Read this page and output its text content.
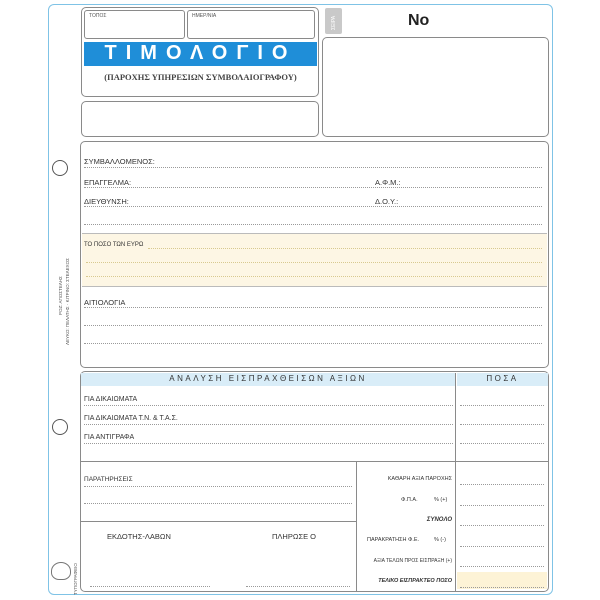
ΡΟΖ: ΑΠΟΣΤΕΛΗΣ ΛΕΥΚΟ: ΠΕΛΑΤΗΣ · ΚΙΤΡΙΝΟ: ΣΤΕΛΕΧΟΣ
ΤΥΠΟΓΡΑΦΕΙΟ
ΤΟΠΟΣ	ΗΜΕΡ/ΝΙΑ
ΤΙΜΟΛΟΓΙΟ
(ΠΑΡΟΧΗΣ ΥΠΗΡΕΣΙΩΝ ΣΥΜΒΟΛΑΙΟΓΡΑΦΟΥ)
ΣΕΙΡΑ	No
ΣΥΜΒΑΛΛΟΜΕΝΟΣ:
ΕΠΑΓΓΕΛΜΑ:	Α.Φ.Μ.:
ΔΙΕΥΘΥΝΣΗ:	Δ.Ο.Υ.:
ΤΟ ΠΟΣΟ ΤΩΝ ΕΥΡΩ
ΑΙΤΙΟΛΟΓΙΑ
ΑΝΑΛΥΣΗ ΕΙΣΠΡΑΧΘΕΙΣΩΝ ΑΞΙΩΝ	ΠΟΣΑ
ΓΙΑ ΔΙΚΑΙΩΜΑΤΑ
ΓΙΑ ΔΙΚΑΙΩΜΑΤΑ Τ.Ν. & Τ.Α.Σ.
ΓΙΑ ΑΝΤΙΓΡΑΦΑ
ΠΑΡΑΤΗΡΗΣΕΙΣ
ΕΚΔΟΤΗΣ-ΛΑΒΩΝ	ΠΛΗΡΩΣΕ Ο
ΚΑΘΑΡΗ ΑΞΙΑ ΠΑΡΟΧΗΣ
Φ.Π.Α.	% (+)
ΣΥΝΟΛΟ
ΠΑΡΑΚΡΑΤΗΣΗ Φ.Ε.	% (-)
ΑΞΙΑ ΤΕΛΩΝ ΠΡΟΣ ΕΙΣΠΡΑΞΗ (+)
ΤΕΛΙΚΟ ΕΙΣΠΡΑΚΤΕΟ ΠΟΣΟ
